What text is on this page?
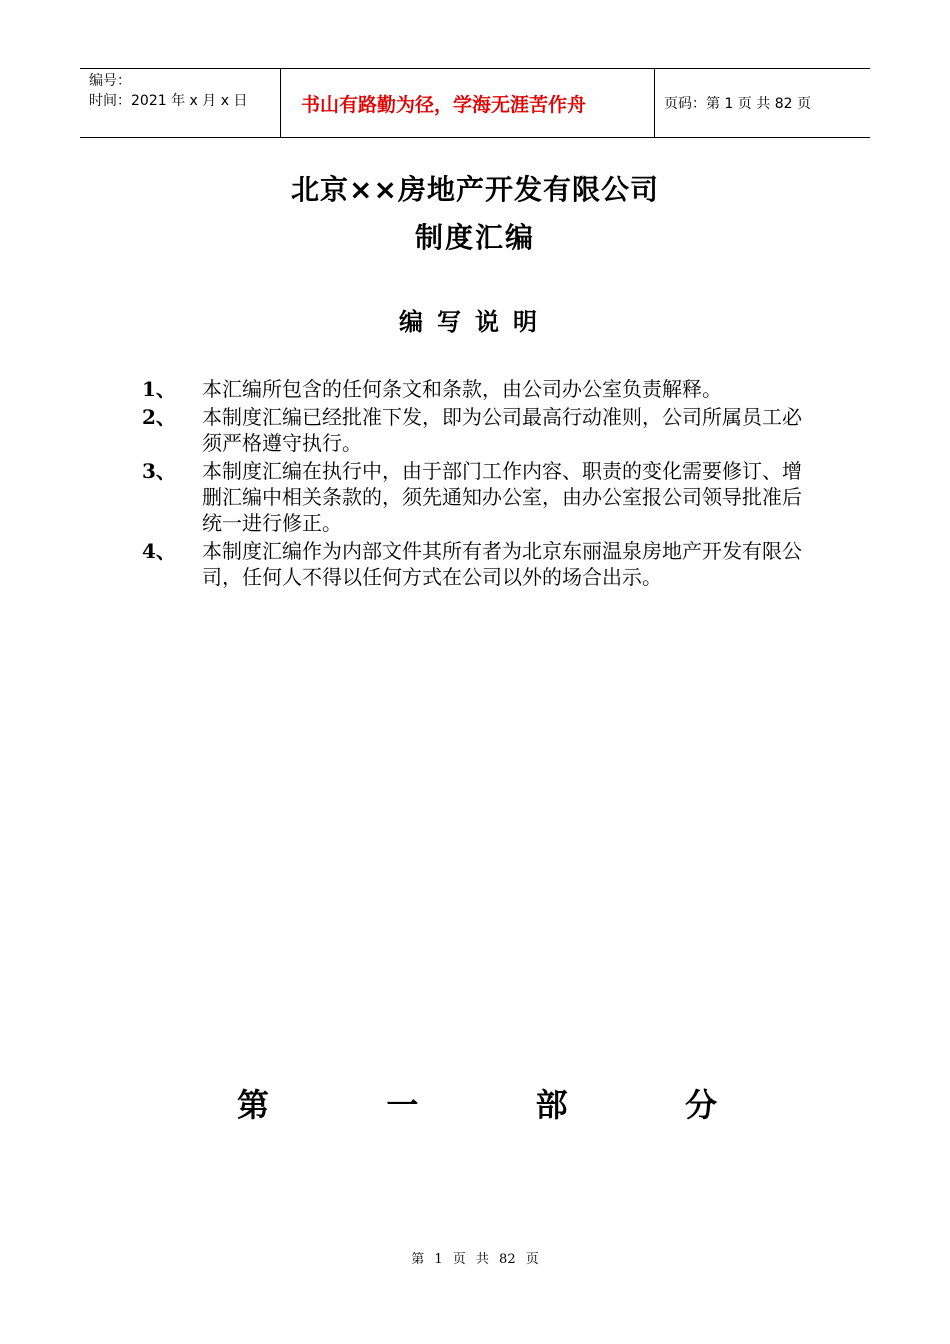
编号：
时间：2021 年 x 月 x 日	书山有路勤为径，学海无涯苦作舟	页码：第 1 页 共 82 页
北京××房地产开发有限公司
制度汇编
编写说明
1、	本汇编所包含的任何条文和条款，由公司办公室负责解释。
2、	本制度汇编已经批准下发，即为公司最高行动准则，公司所属员工必须严格遵守执行。
3、	本制度汇编在执行中，由于部门工作内容、职责的变化需要修订、增删汇编中相关条款的，须先通知办公室，由办公室报公司领导批准后统一进行修正。
4、	本制度汇编作为内部文件其所有者为北京东丽温泉房地产开发有限公司，任何人不得以任何方式在公司以外的场合出示。
第	一	部	分
第 1 页 共 82 页
